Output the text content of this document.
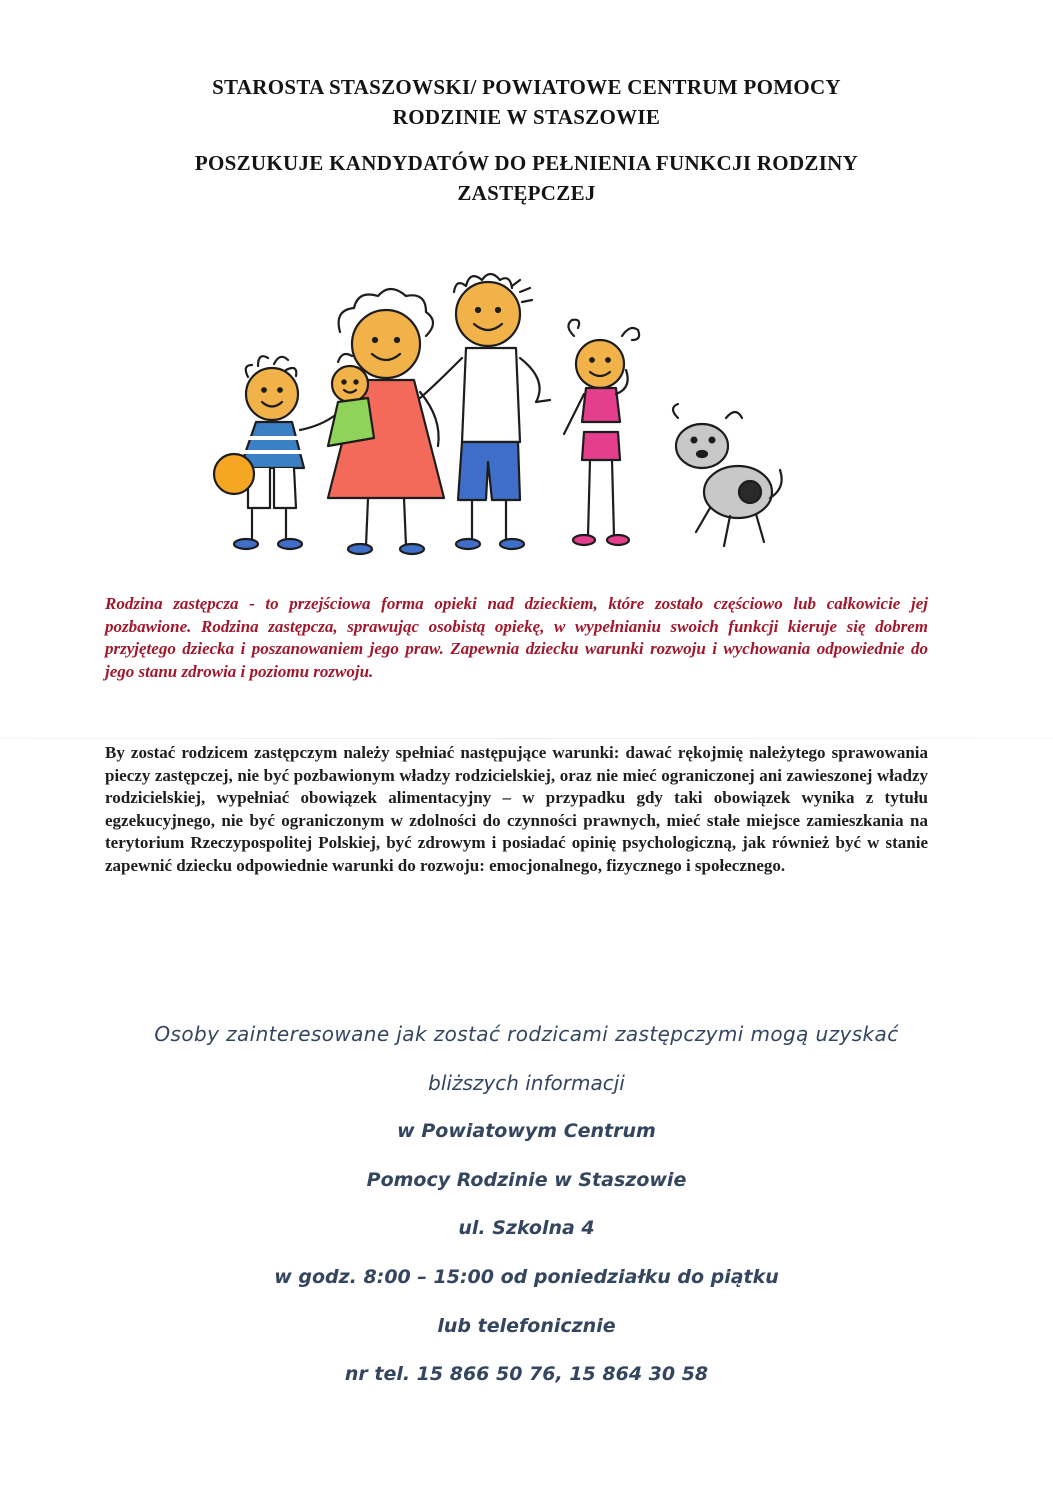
STAROSTA STASZOWSKI/ POWIATOWE CENTRUM POMOCY
RODZINIE W STASZOWIE
POSZUKUJE KANDYDATÓW DO PEŁNIENIA FUNKCJI RODZINY
ZASTĘPCZEJ

Rodzina zastępcza - to przejściowa forma opieki nad dzieckiem, które zostało częściowo lub całkowicie jej pozbawione. Rodzina zastępcza, sprawując osobistą opiekę, w wypełnianiu swoich funkcji kieruje się dobrem przyjętego dziecka i poszanowaniem jego praw. Zapewnia dziecku warunki rozwoju i wychowania odpowiednie do jego stanu zdrowia i poziomu rozwoju.

By zostać rodzicem zastępczym należy spełniać następujące warunki: dawać rękojmię należytego sprawowania pieczy zastępczej, nie być pozbawionym władzy rodzicielskiej, oraz nie mieć ograniczonej ani zawieszonej władzy rodzicielskiej, wypełniać obowiązek alimentacyjny – w przypadku gdy taki obowiązek wynika z tytułu egzekucyjnego, nie być ograniczonym w zdolności do czynności prawnych, mieć stałe miejsce zamieszkania na terytorium Rzeczypospolitej Polskiej, być zdrowym i posiadać opinię psychologiczną, jak również być w stanie zapewnić dziecku odpowiednie warunki do rozwoju: emocjonalnego, fizycznego i społecznego.

Osoby zainteresowane jak zostać rodzicami zastępczymi mogą uzyskać
bliższych informacji
w Powiatowym Centrum
Pomocy Rodzinie w Staszowie
ul. Szkolna 4
w godz. 8:00 – 15:00 od poniedziałku do piątku
lub telefonicznie
nr tel. 15 866 50 76, 15 864 30 58
